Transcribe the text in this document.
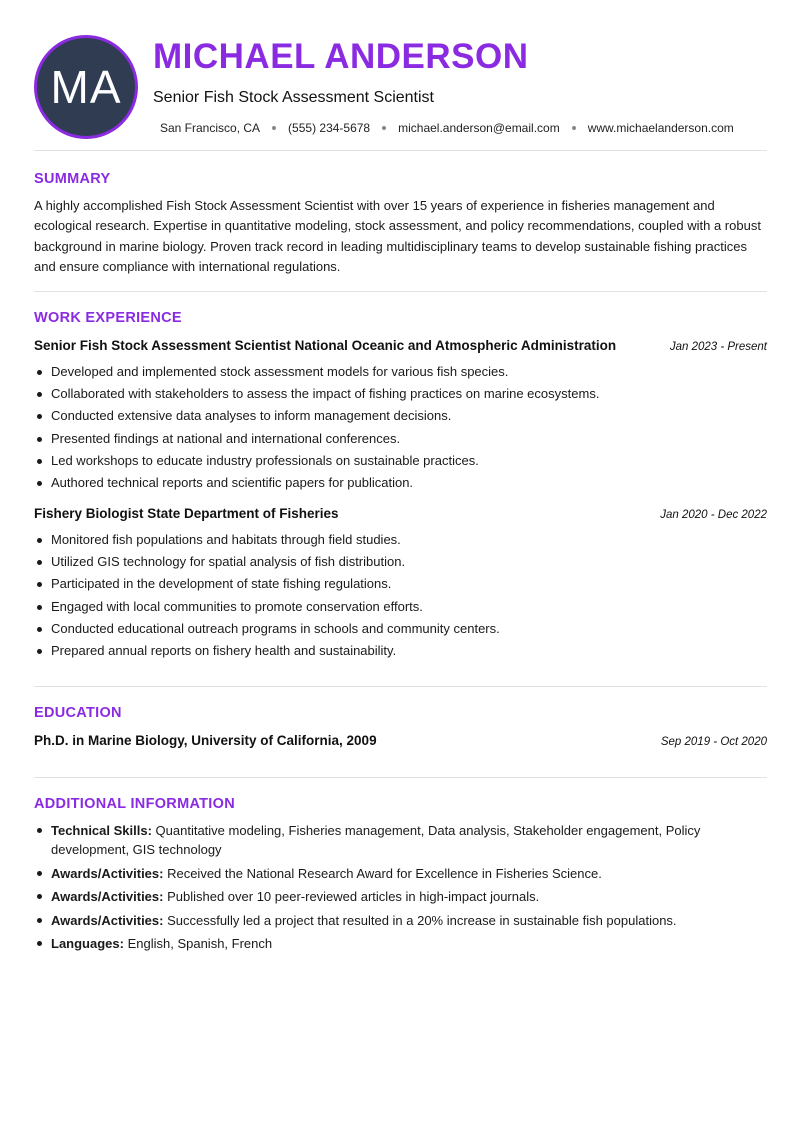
MA
MICHAEL ANDERSON
Senior Fish Stock Assessment Scientist
San Francisco, CA (555) 234-5678 michael.anderson@email.com www.michaelanderson.com
SUMMARY
A highly accomplished Fish Stock Assessment Scientist with over 15 years of experience in fisheries management and ecological research. Expertise in quantitative modeling, stock assessment, and policy recommendations, coupled with a robust background in marine biology. Proven track record in leading multidisciplinary teams to develop sustainable fishing practices and ensure compliance with international regulations.
WORK EXPERIENCE
Senior Fish Stock Assessment Scientist National Oceanic and Atmospheric Administration	Jan 2023 - Present
Developed and implemented stock assessment models for various fish species.
Collaborated with stakeholders to assess the impact of fishing practices on marine ecosystems.
Conducted extensive data analyses to inform management decisions.
Presented findings at national and international conferences.
Led workshops to educate industry professionals on sustainable practices.
Authored technical reports and scientific papers for publication.
Fishery Biologist State Department of Fisheries	Jan 2020 - Dec 2022
Monitored fish populations and habitats through field studies.
Utilized GIS technology for spatial analysis of fish distribution.
Participated in the development of state fishing regulations.
Engaged with local communities to promote conservation efforts.
Conducted educational outreach programs in schools and community centers.
Prepared annual reports on fishery health and sustainability.
EDUCATION
Ph.D. in Marine Biology, University of California, 2009	Sep 2019 - Oct 2020
ADDITIONAL INFORMATION
Technical Skills: Quantitative modeling, Fisheries management, Data analysis, Stakeholder engagement, Policy development, GIS technology
Awards/Activities: Received the National Research Award for Excellence in Fisheries Science.
Awards/Activities: Published over 10 peer-reviewed articles in high-impact journals.
Awards/Activities: Successfully led a project that resulted in a 20% increase in sustainable fish populations.
Languages: English, Spanish, French
